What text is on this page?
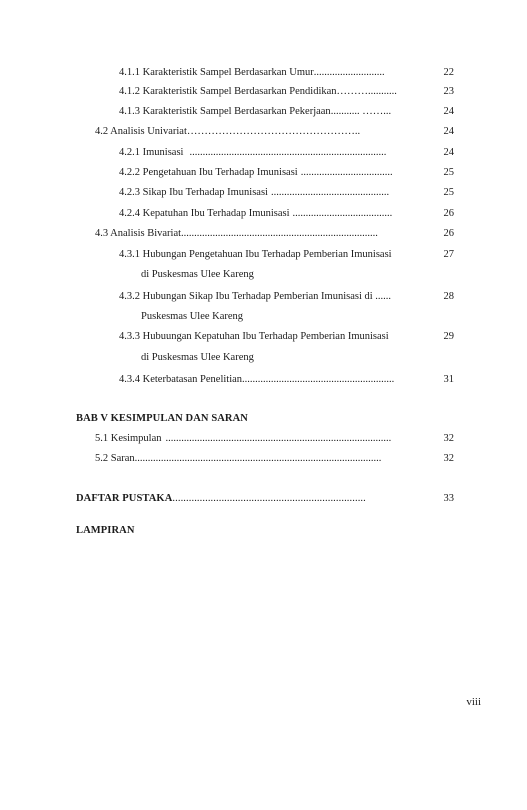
4.1.1 Karakteristik Sampel Berdasarkan Umur ...........................	22
4.1.2 Karakteristik Sampel Berdasarkan Pendidikan ………...........	23
4.1.3 Karakteristik Sampel Berdasarkan Pekerjaan ........... ……...	24
4.2 Analisis Univariat …………………………………………..	24
4.2.1 Imunisasi ...........................................................................	24
4.2.2 Pengetahuan Ibu Terhadap Imunisasi ...................................	25
4.2.3 Sikap Ibu Terhadap Imunisasi .............................................	25
4.2.4 Kepatuhan Ibu Terhadap Imunisasi ......................................	26
4.3 Analisis Bivariat ...........................................................................	26
4.3.1 Hubungan Pengetahuan Ibu Terhadap Pemberian Imunisasi	27
di Puskesmas Ulee Kareng
4.3.2 Hubungan Sikap Ibu Terhadap Pemberian Imunisasi di ......	28
Puskesmas Ulee Kareng
4.3.3 Hubuungan Kepatuhan Ibu Terhadap Pemberian Imunisasi	29
di Puskesmas Ulee Kareng
4.3.4 Keterbatasan Penelitian ..........................................................	31
BAB V KESIMPULAN DAN SARAN
5.1 Kesimpulan ......................................................................................	32
5.2 Saran ..............................................................................................	32
DAFTAR PUSTAKA .......................................................................	33
LAMPIRAN
viii
